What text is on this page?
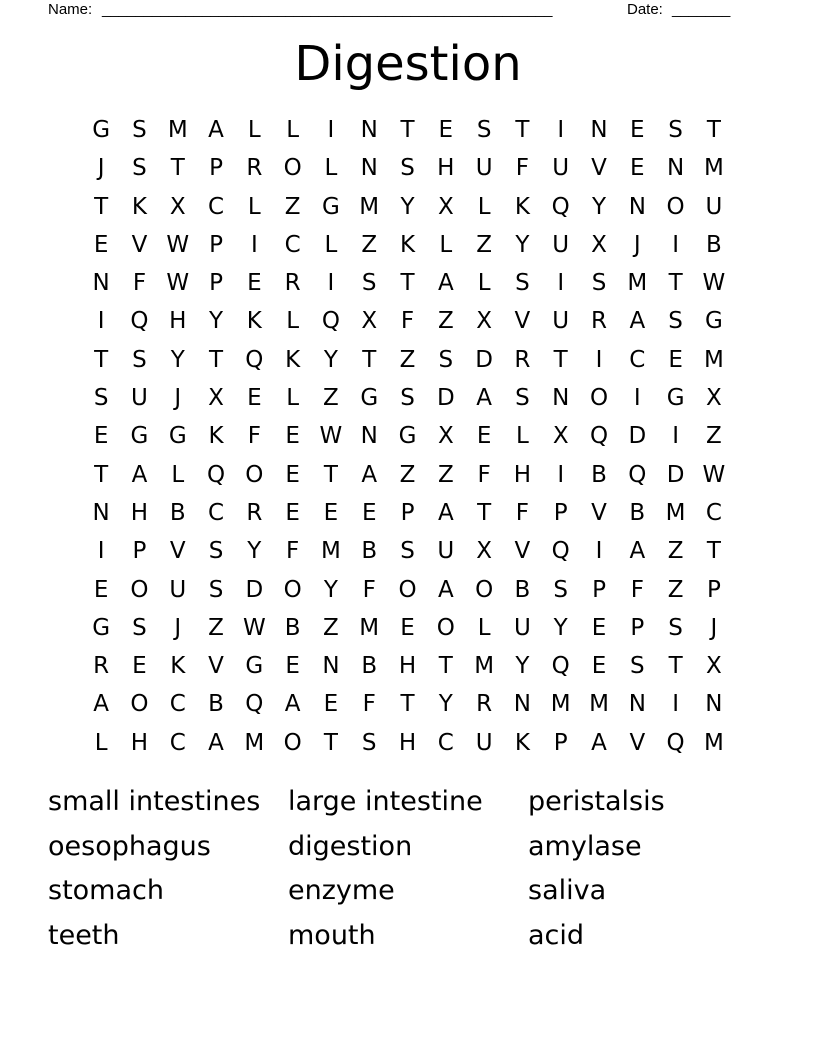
Name: ______________________________________________________	Date: _______
Digestion
G S M A	L	L	I	N T	E	S	T	I	N E	S	T
J	S	T	P	R O L	N S H U	F	U V	E N M
T	K X C	L	Z G M Y	X	L	K Q Y N O U
E	V W P	I	C	L	Z K	L	Z	Y U X	J	I	B
N	F W P	E	R	I	S	T	A	L	S	I	S M T W
I	Q H Y	K	L Q X	F	Z X V U R A	S G
T	S	Y	T Q K	Y	T	Z	S D R	T	I	C	E M
S U	J	X	E	L	Z G S D A	S N O	I	G X
E G G K	F	E W N G X	E	L	X Q D	I	Z
T	A	L Q O E	T	A Z Z	F	H	I	B Q D W
N H B C R	E	E	E	P	A	T	F	P	V B M C
I	P	V	S	Y	F M B	S U X V Q	I	A Z	T
E O U S D O Y	F O A O B	S	P	F	Z	P
G S	J	Z W B Z M E O L	U Y	E	P	S	J
R	E	K V G E N B H T M Y Q E	S	T	X
A O C B Q A	E	F	T	Y	R N M M N	I	N
L	H C A M O T	S H C U K	P	A V Q M
small intestines	large intestine	peristalsis
oesophagus	digestion	amylase
stomach	enzyme	saliva
teeth	mouth	acid
